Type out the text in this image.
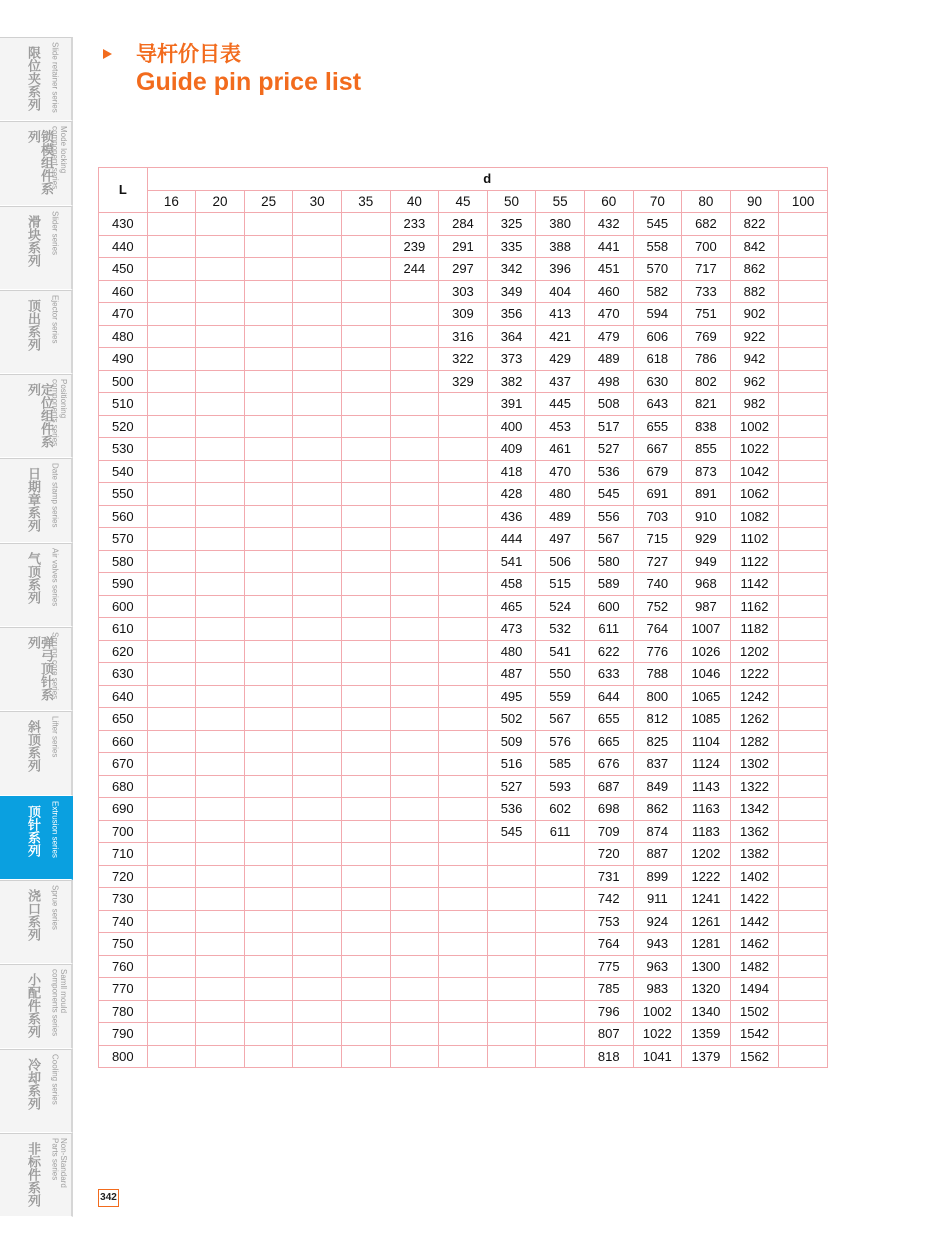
限位夹系列 Slide retainer series
锁模组件系列	Mode locking
component series
滑块系列 Slider series
顶出系列 Ejector series
定位组件系列	Positioning
components series
日期章系列 Date stamp series
气顶系列 Air valves series
弹弓顶针系列	Sprung core series
斜顶系列 Lifter series
顶针系列 Extrusion series
浇口系列 Sprue series
小配件系列	Samll mould
components series
冷却系列 Cooling series
非标件系列	Non-Standard
Parts series
导杆价目表
Guide pin price list
L	d													
	16	20	25	30	35	40	45	50	55	60	70	80	90	100
430						233	284	325	380	432	545	682	822	
440						239	291	335	388	441	558	700	842	
450						244	297	342	396	451	570	717	862	
460							303	349	404	460	582	733	882	
470							309	356	413	470	594	751	902	
480							316	364	421	479	606	769	922	
490							322	373	429	489	618	786	942	
500							329	382	437	498	630	802	962	
510								391	445	508	643	821	982	
520								400	453	517	655	838	1002	
530								409	461	527	667	855	1022	
540								418	470	536	679	873	1042	
550								428	480	545	691	891	1062	
560								436	489	556	703	910	1082	
570								444	497	567	715	929	1102	
580								541	506	580	727	949	1122	
590								458	515	589	740	968	1142	
600								465	524	600	752	987	1162	
610								473	532	611	764	1007	1182	
620								480	541	622	776	1026	1202	
630								487	550	633	788	1046	1222	
640								495	559	644	800	1065	1242	
650								502	567	655	812	1085	1262	
660								509	576	665	825	1104	1282	
670								516	585	676	837	1124	1302	
680								527	593	687	849	1143	1322	
690								536	602	698	862	1163	1342	
700								545	611	709	874	1183	1362	
710										720	887	1202	1382	
720										731	899	1222	1402	
730										742	911	1241	1422	
740										753	924	1261	1442	
750										764	943	1281	1462	
760										775	963	1300	1482	
770										785	983	1320	1494	
780										796	1002	1340	1502	
790										807	1022	1359	1542	
800										818	1041	1379	1562	
342
